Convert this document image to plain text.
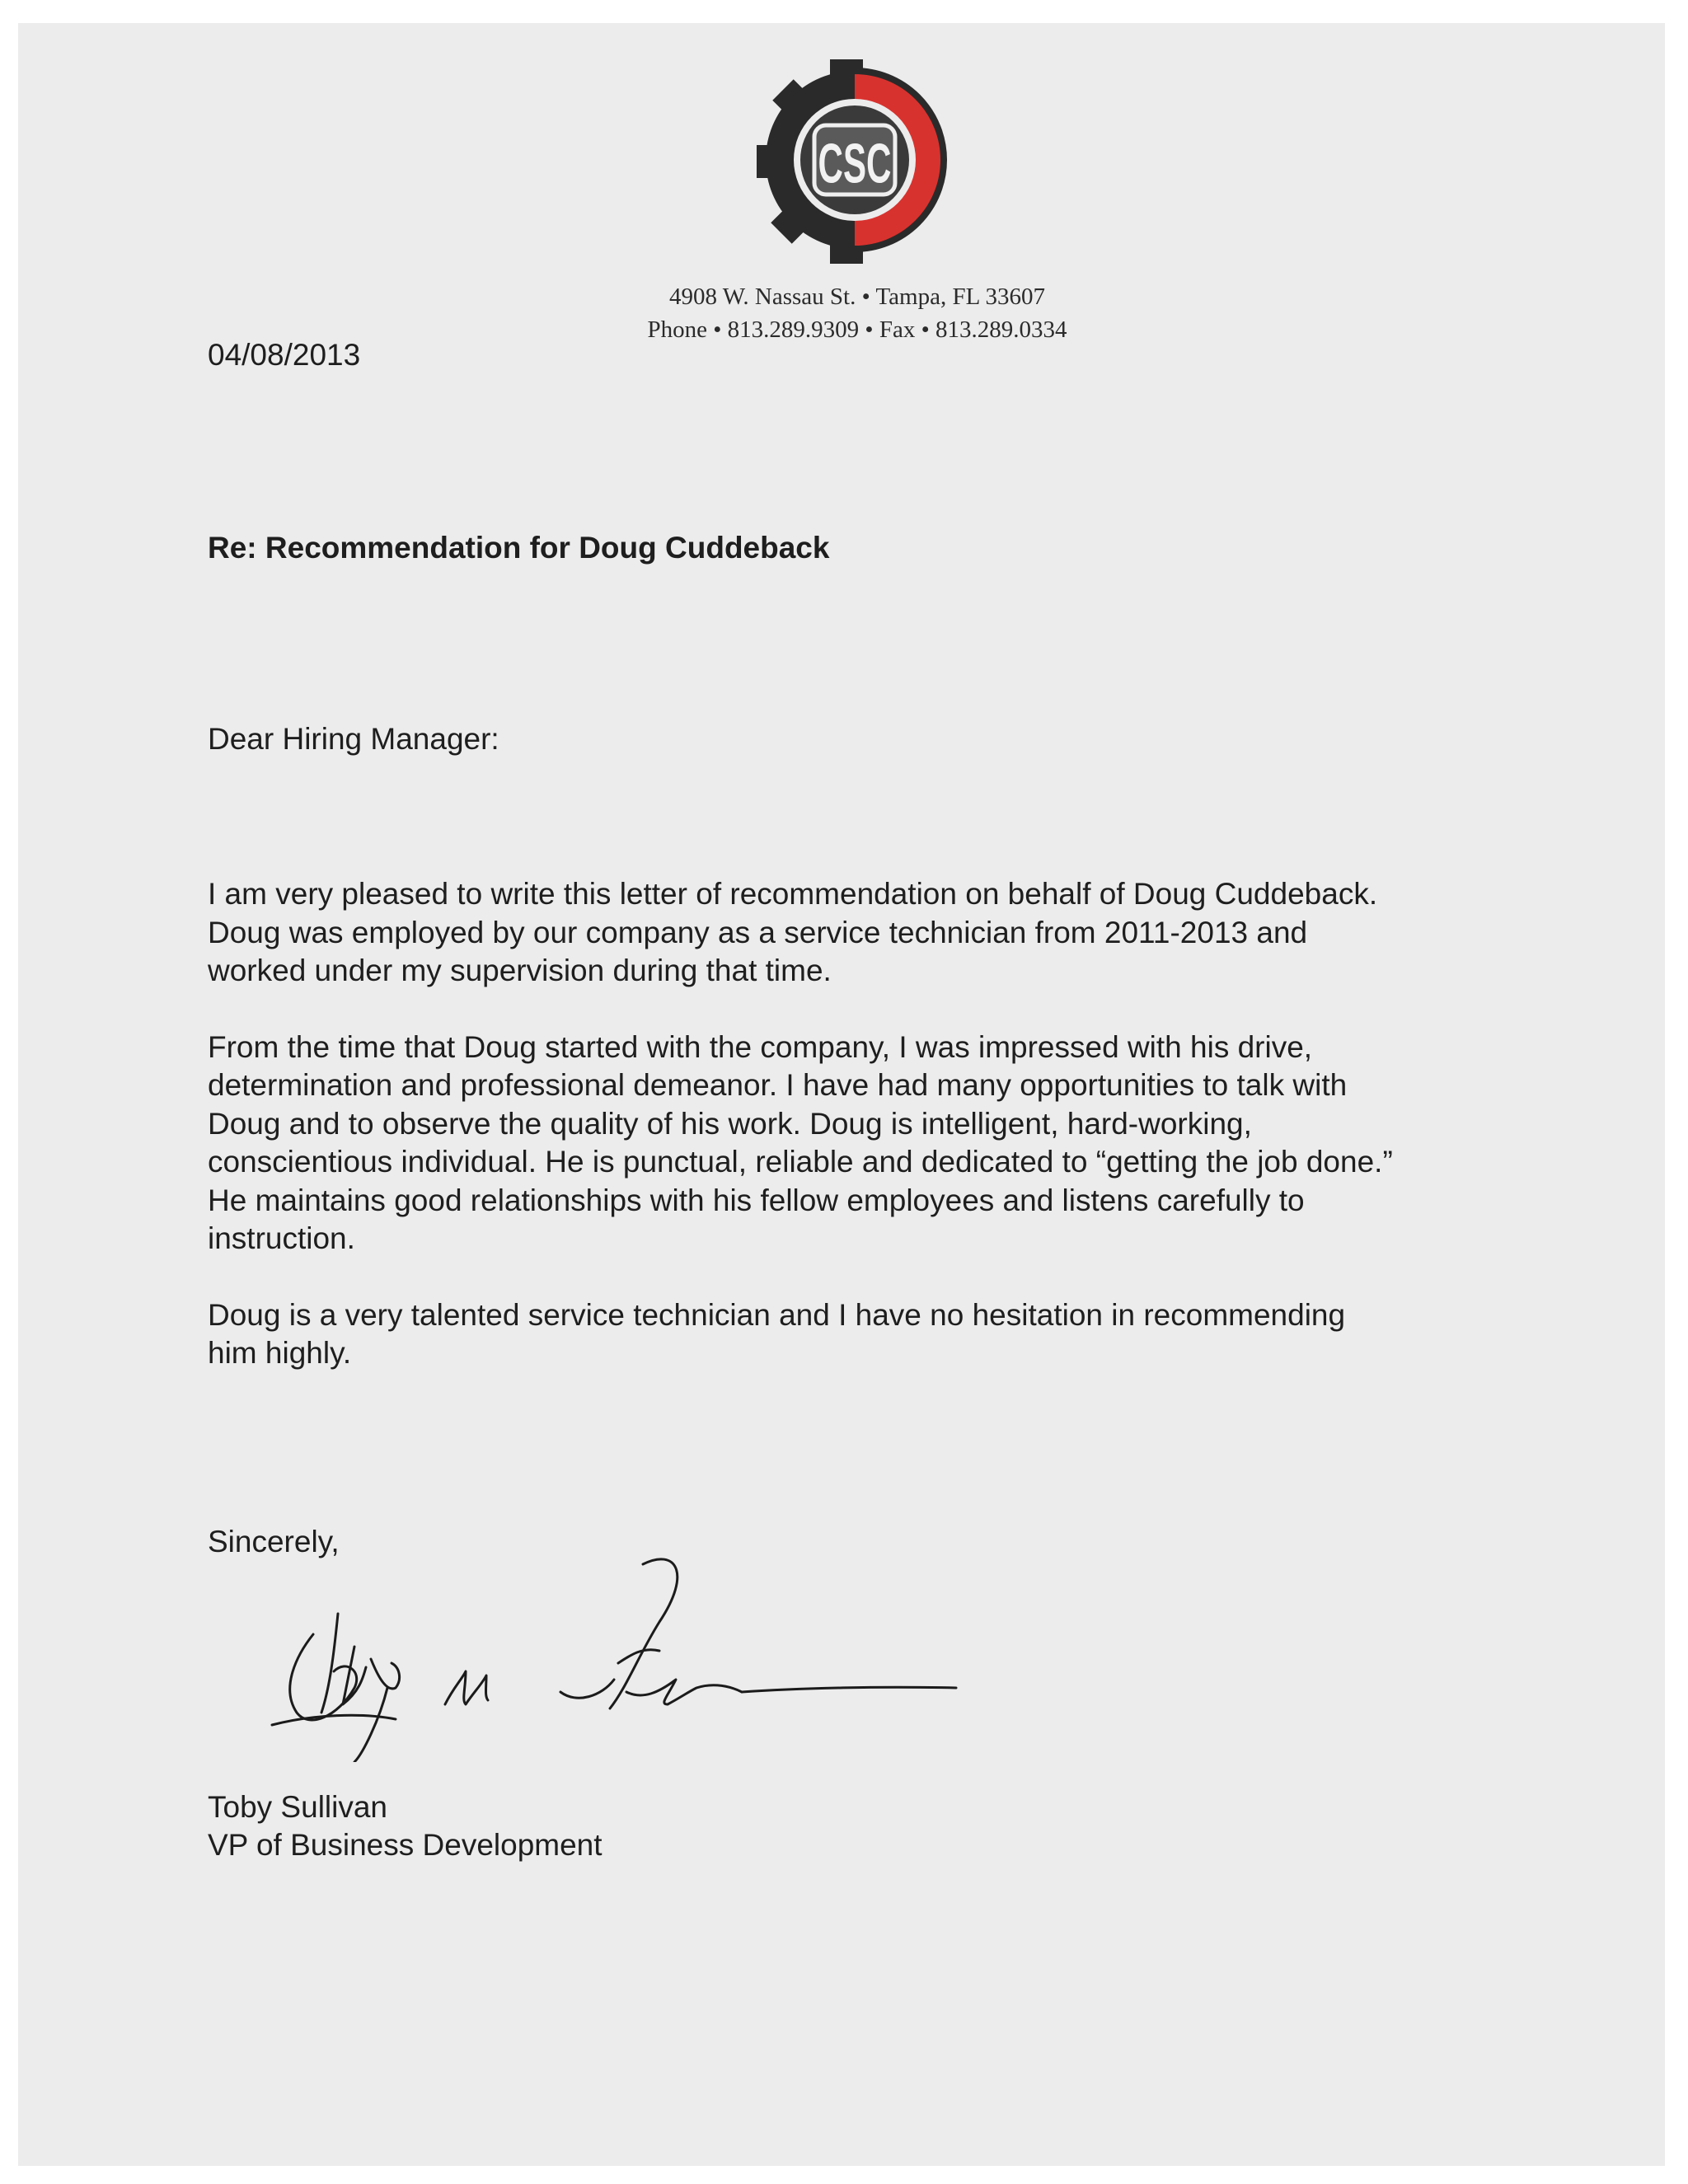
CSC
4908 W. Nassau St. • Tampa, FL 33607
Phone • 813.289.9309 • Fax • 813.289.0334
04/08/2013
Re: Recommendation for Doug Cuddeback
Dear Hiring Manager:

I am very pleased to write this letter of recommendation on behalf of Doug Cuddeback.
Doug was employed by our company as a service technician from 2011-2013 and
worked under my supervision during that time.

From the time that Doug started with the company, I was impressed with his drive,
determination and professional demeanor. I have had many opportunities to talk with
Doug and to observe the quality of his work. Doug is intelligent, hard-working,
conscientious individual. He is punctual, reliable and dedicated to “getting the job done.”
He maintains good relationships with his fellow employees and listens carefully to
instruction.

Doug is a very talented service technician and I have no hesitation in recommending
him highly.

Sincerely,
Toby Sullivan
VP of Business Development
